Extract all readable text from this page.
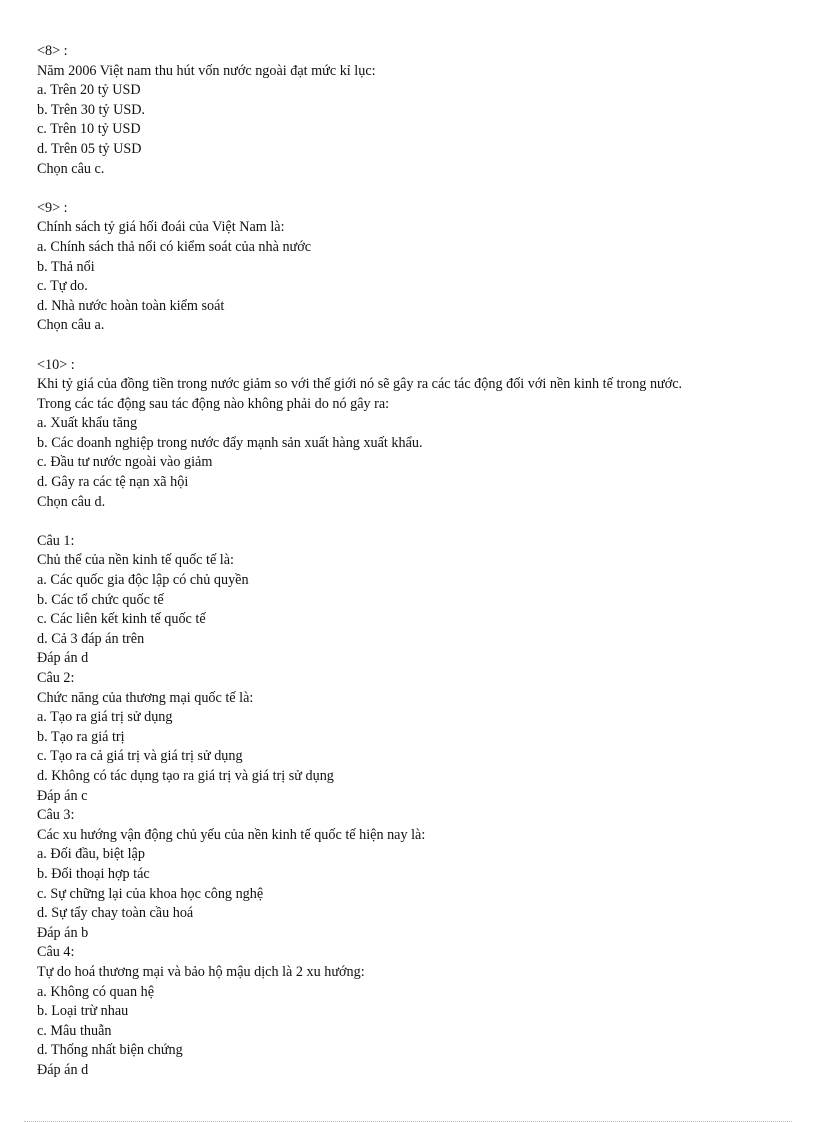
<8> :
Năm 2006 Việt nam thu hút vốn nước ngoài đạt mức kỉ lục:
a. Trên 20 tỷ USD
b. Trên 30 tỷ USD.
c. Trên 10 tỷ USD
d. Trên 05 tỷ USD
Chọn câu c.
<9> :
Chính sách tỷ giá hối đoái của Việt Nam là:
a. Chính sách thả nổi có kiểm soát của nhà nước
b. Thả nổi
c. Tự do.
d. Nhà nước hoàn toàn kiểm soát
Chọn câu a.
<10> :
Khi tỷ giá của đồng tiền trong nước giảm so với thế giới nó sẽ gây ra các tác động đối với nền kinh tế trong nước.
Trong các tác động sau tác động nào không phải do nó gây ra:
a. Xuất khẩu tăng
b. Các doanh nghiệp trong nước đẩy mạnh sản xuất hàng xuất khẩu.
c. Đầu tư nước ngoài vào giảm
d. Gây ra các tệ nạn xã hội
Chọn câu d.
Câu 1:
Chủ thể của nền kinh tế quốc tế là:
a. Các quốc gia độc lập có chủ quyền
b. Các tổ chức quốc tế
c. Các liên kết kinh tế quốc tế
d. Cả 3 đáp án trên
Đáp án d
Câu 2:
Chức năng của thương mại quốc tế là:
a. Tạo ra giá trị sử dụng
b. Tạo ra giá trị
c. Tạo ra cả giá trị và giá trị sử dụng
d. Không có tác dụng tạo ra giá trị và giá trị sử dụng
Đáp án c
Câu 3:
Các xu hướng vận động chủ yếu của nền kinh tế quốc tế hiện nay là:
a. Đối đầu, biệt lập
b. Đối thoại hợp tác
c. Sự chững lại của khoa học công nghệ
d. Sự tẩy chay toàn cầu hoá
Đáp án b
Câu 4:
Tự do hoá thương mại và bảo hộ mậu dịch là 2 xu hướng:
a. Không có quan hệ
b. Loại trừ nhau
c. Mâu thuẫn
d. Thống nhất biện chứng
Đáp án d
